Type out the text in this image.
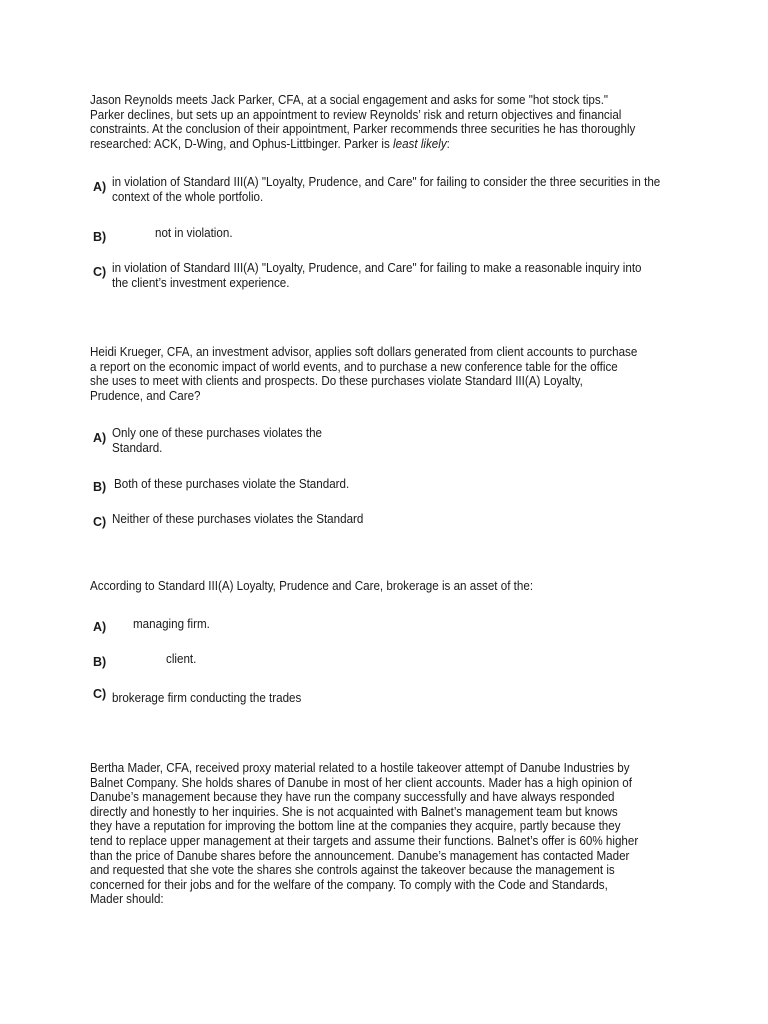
Jason Reynolds meets Jack Parker, CFA, at a social engagement and asks for some "hot stock tips." Parker declines, but sets up an appointment to review Reynolds’ risk and return objectives and financial constraints. At the conclusion of their appointment, Parker recommends three securities he has thoroughly researched: ACK, D-Wing, and Ophus-Littbinger. Parker is least likely:
A) in violation of Standard III(A) "Loyalty, Prudence, and Care" for failing to consider the three securities in the context of the whole portfolio.
B)	not in violation.
C) in violation of Standard III(A) "Loyalty, Prudence, and Care" for failing to make a reasonable inquiry into the client’s investment experience.
Heidi Krueger, CFA, an investment advisor, applies soft dollars generated from client accounts to purchase a report on the economic impact of world events, and to purchase a new conference table for the office she uses to meet with clients and prospects. Do these purchases violate Standard III(A) Loyalty, Prudence, and Care?
A) Only one of these purchases violates the Standard.
B) Both of these purchases violate the Standard.
C) Neither of these purchases violates the Standard
According to Standard III(A) Loyalty, Prudence and Care, brokerage is an asset of the:
A)	managing firm.
B)	client.
C) brokerage firm conducting the trades
Bertha Mader, CFA, received proxy material related to a hostile takeover attempt of Danube Industries by Balnet Company. She holds shares of Danube in most of her client accounts. Mader has a high opinion of Danube’s management because they have run the company successfully and have always responded directly and honestly to her inquiries. She is not acquainted with Balnet’s management team but knows they have a reputation for improving the bottom line at the companies they acquire, partly because they tend to replace upper management at their targets and assume their functions. Balnet’s offer is 60% higher than the price of Danube shares before the announcement. Danube’s management has contacted Mader and requested that she vote the shares she controls against the takeover because the management is concerned for their jobs and for the welfare of the company. To comply with the Code and Standards, Mader should:
